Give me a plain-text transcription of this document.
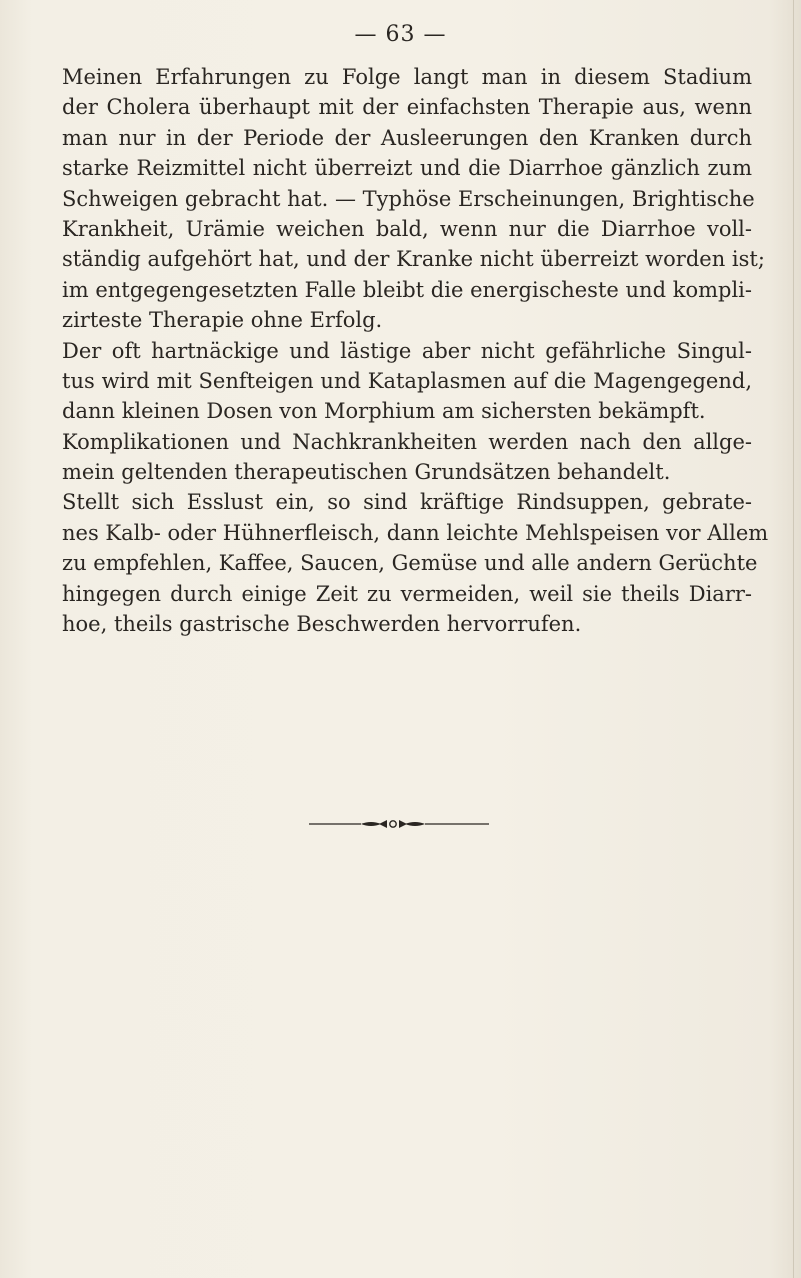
— 63 —
Meinen Erfahrungen zu Folge langt man in diesem Stadium
der Cholera überhaupt mit der einfachsten Therapie aus, wenn
man nur in der Periode der Ausleerungen den Kranken durch
starke Reizmittel nicht überreizt und die Diarrhoe gänzlich zum
Schweigen gebracht hat. — Typhöse Erscheinungen, Brightische
Krankheit, Urämie weichen bald, wenn nur die Diarrhoe voll-
ständig aufgehört hat, und der Kranke nicht überreizt worden ist;
im entgegengesetzten Falle bleibt die energischeste und kompli-
zirteste Therapie ohne Erfolg.
Der oft hartnäckige und lästige aber nicht gefährliche Singul-
tus wird mit Senfteigen und Kataplasmen auf die Magengegend,
dann kleinen Dosen von Morphium am sichersten bekämpft.
Komplikationen und Nachkrankheiten werden nach den allge-
mein geltenden therapeutischen Grundsätzen behandelt.
Stellt sich Esslust ein, so sind kräftige Rindsuppen, gebrate-
nes Kalb- oder Hühnerfleisch, dann leichte Mehlspeisen vor Allem
zu empfehlen, Kaffee, Saucen, Gemüse und alle andern Gerüchte
hingegen durch einige Zeit zu vermeiden, weil sie theils Diarr-
hoe, theils gastrische Beschwerden hervorrufen.
